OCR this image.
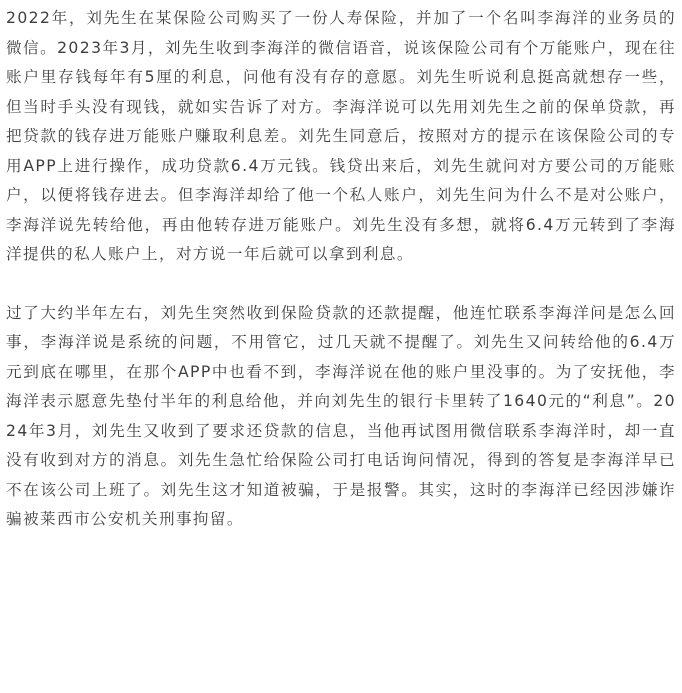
2022年，刘先生在某保险公司购买了一份人寿保险，并加了一个名叫李海洋的业务员的微信。2023年3月，刘先生收到李海洋的微信语音，说该保险公司有个万能账户，现在往账户里存钱每年有5厘的利息，问他有没有存的意愿。刘先生听说利息挺高就想存一些，但当时手头没有现钱，就如实告诉了对方。李海洋说可以先用刘先生之前的保单贷款，再把贷款的钱存进万能账户赚取利息差。刘先生同意后，按照对方的提示在该保险公司的专用APP上进行操作，成功贷款6.4万元钱。钱贷出来后，刘先生就问对方要公司的万能账户，以便将钱存进去。但李海洋却给了他一个私人账户，刘先生问为什么不是对公账户，李海洋说先转给他，再由他转存进万能账户。刘先生没有多想，就将6.4万元转到了李海洋提供的私人账户上，对方说一年后就可以拿到利息。

过了大约半年左右，刘先生突然收到保险贷款的还款提醒，他连忙联系李海洋问是怎么回事，李海洋说是系统的问题，不用管它，过几天就不提醒了。刘先生又问转给他的6.4万元到底在哪里，在那个APP中也看不到，李海洋说在他的账户里没事的。为了安抚他，李海洋表示愿意先垫付半年的利息给他，并向刘先生的银行卡里转了1640元的“利息”。2024年3月，刘先生又收到了要求还贷款的信息，当他再试图用微信联系李海洋时，却一直没有收到对方的消息。刘先生急忙给保险公司打电话询问情况，得到的答复是李海洋早已不在该公司上班了。刘先生这才知道被骗，于是报警。其实，这时的李海洋已经因涉嫌诈骗被莱西市公安机关刑事拘留。
